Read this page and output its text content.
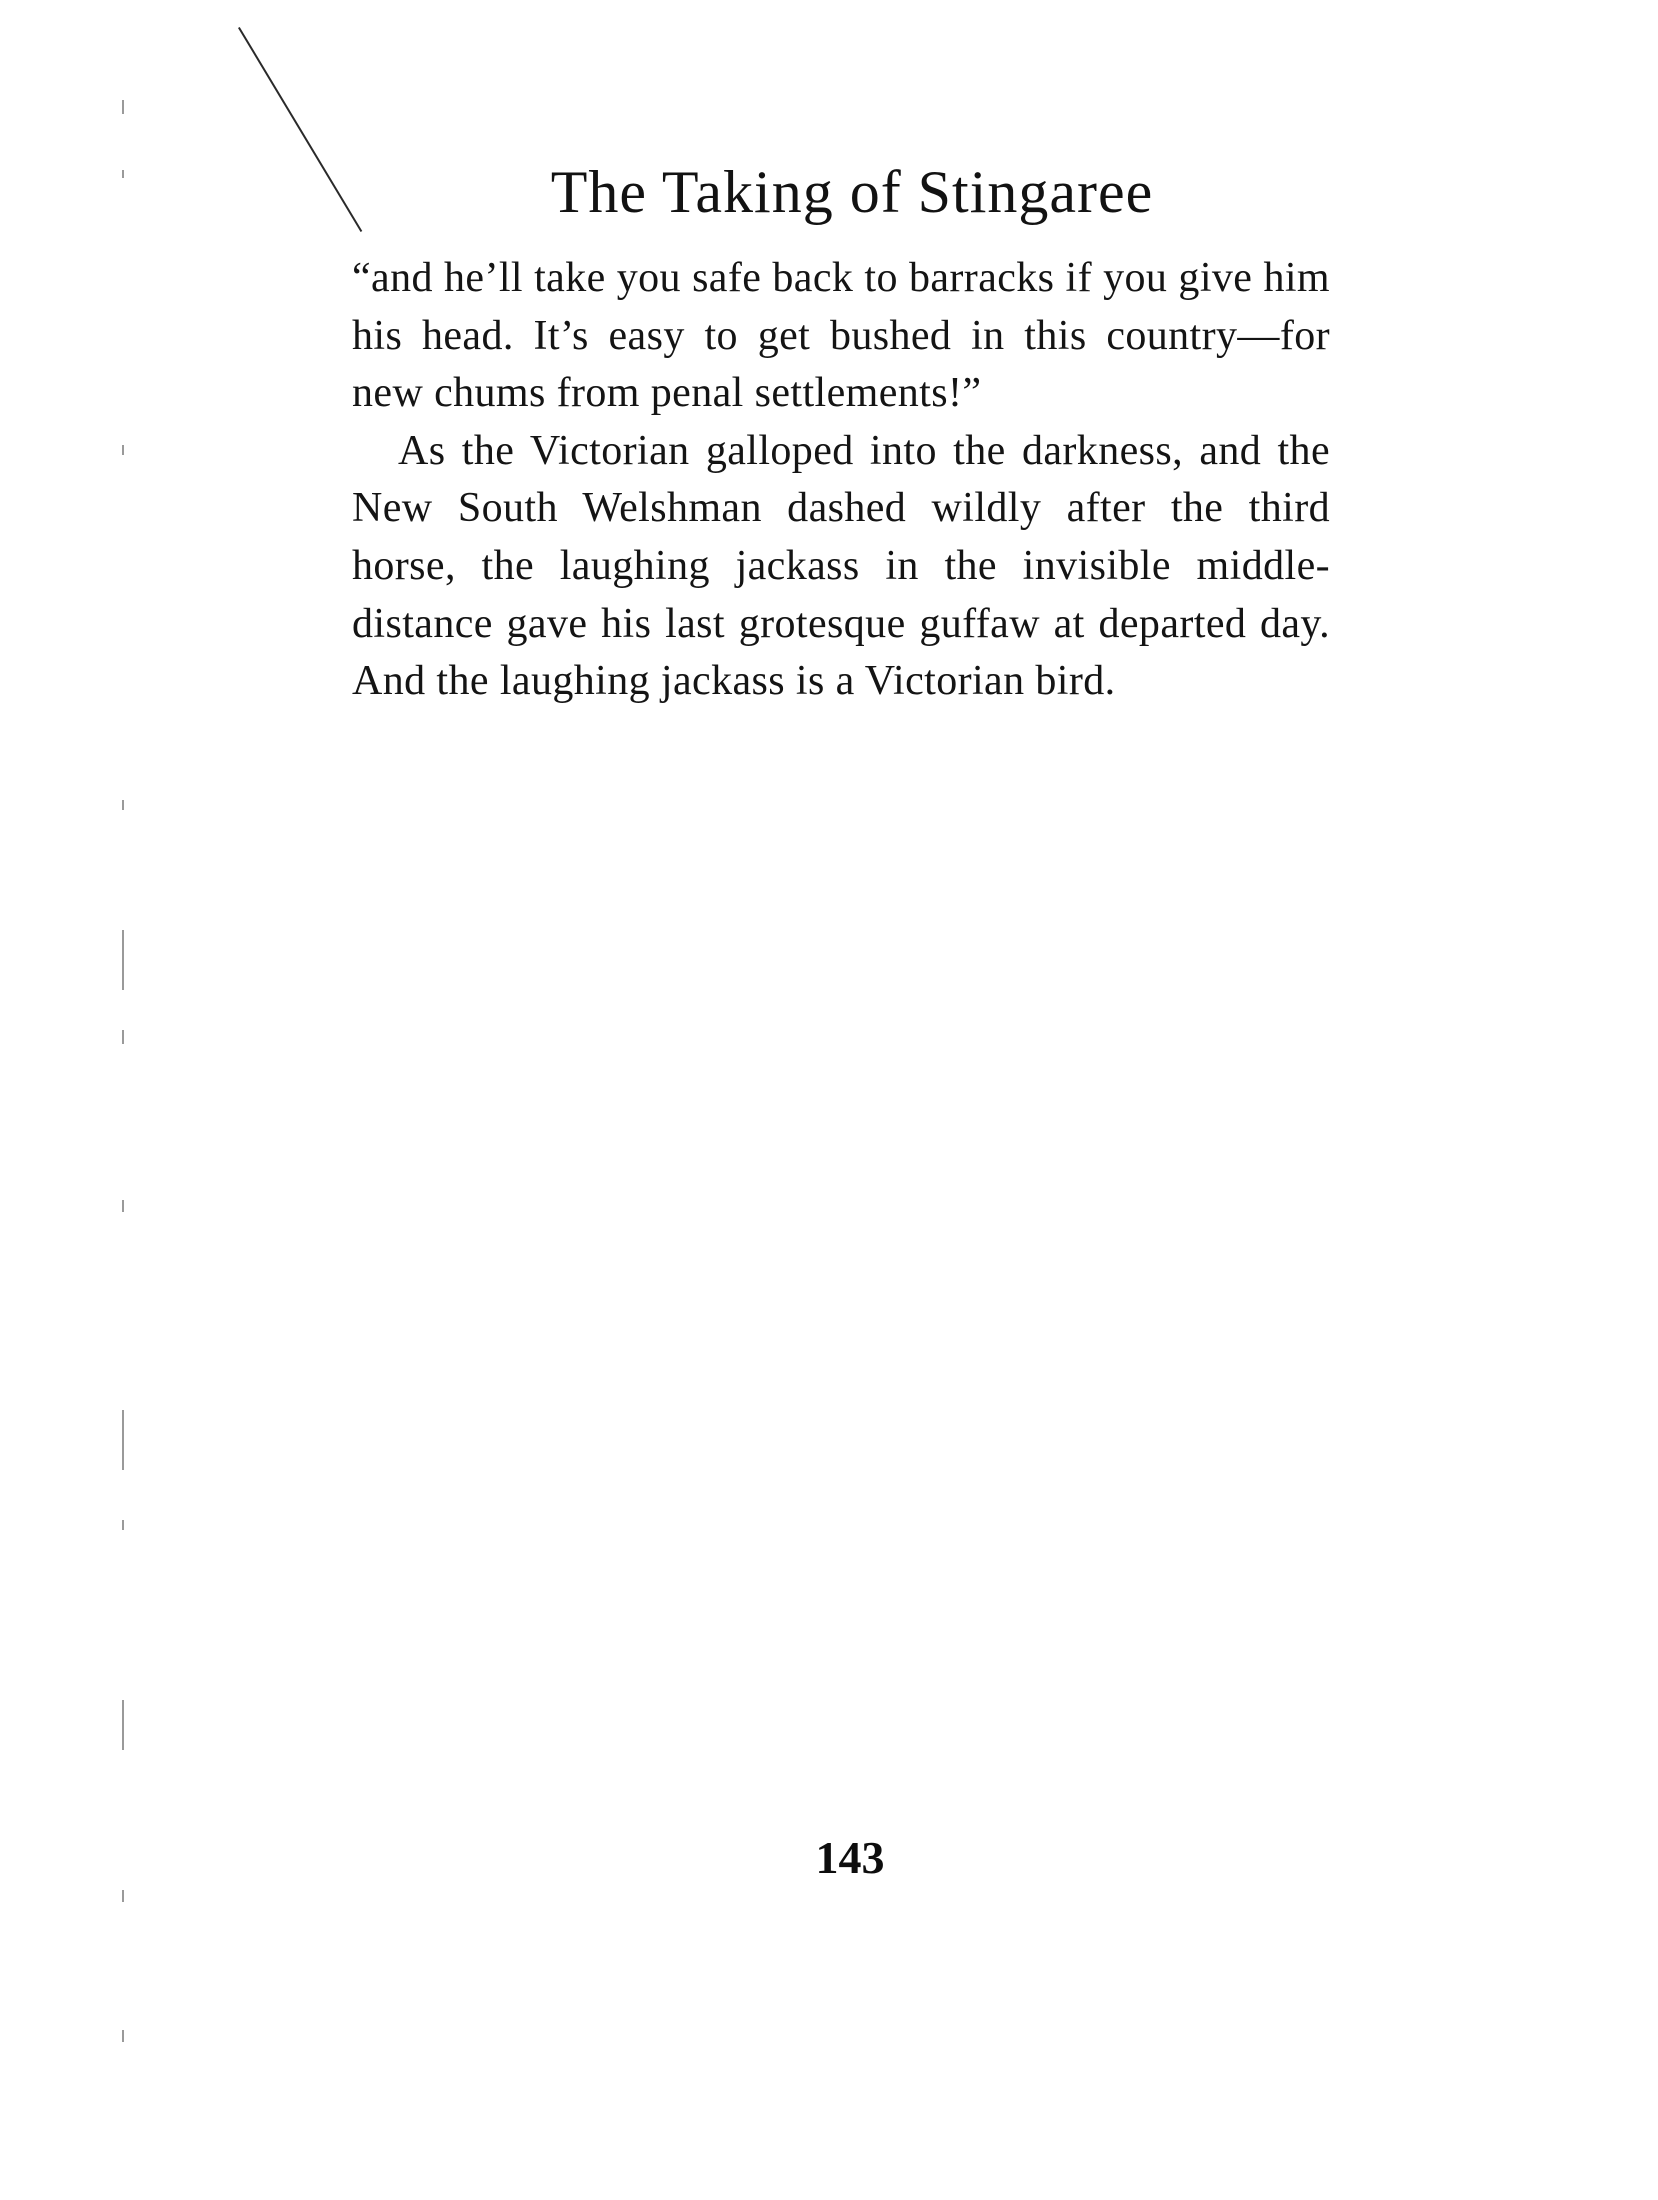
The Taking of Stingaree

“and he’ll take you safe back to barracks if you give him his head. It’s easy to get bushed in this country—for new chums from penal settlements!”

As the Victorian galloped into the darkness, and the New South Welshman dashed wildly after the third horse, the laughing jackass in the invisible middle-distance gave his last grotesque guffaw at departed day. And the laughing jackass is a Victorian bird.

143
